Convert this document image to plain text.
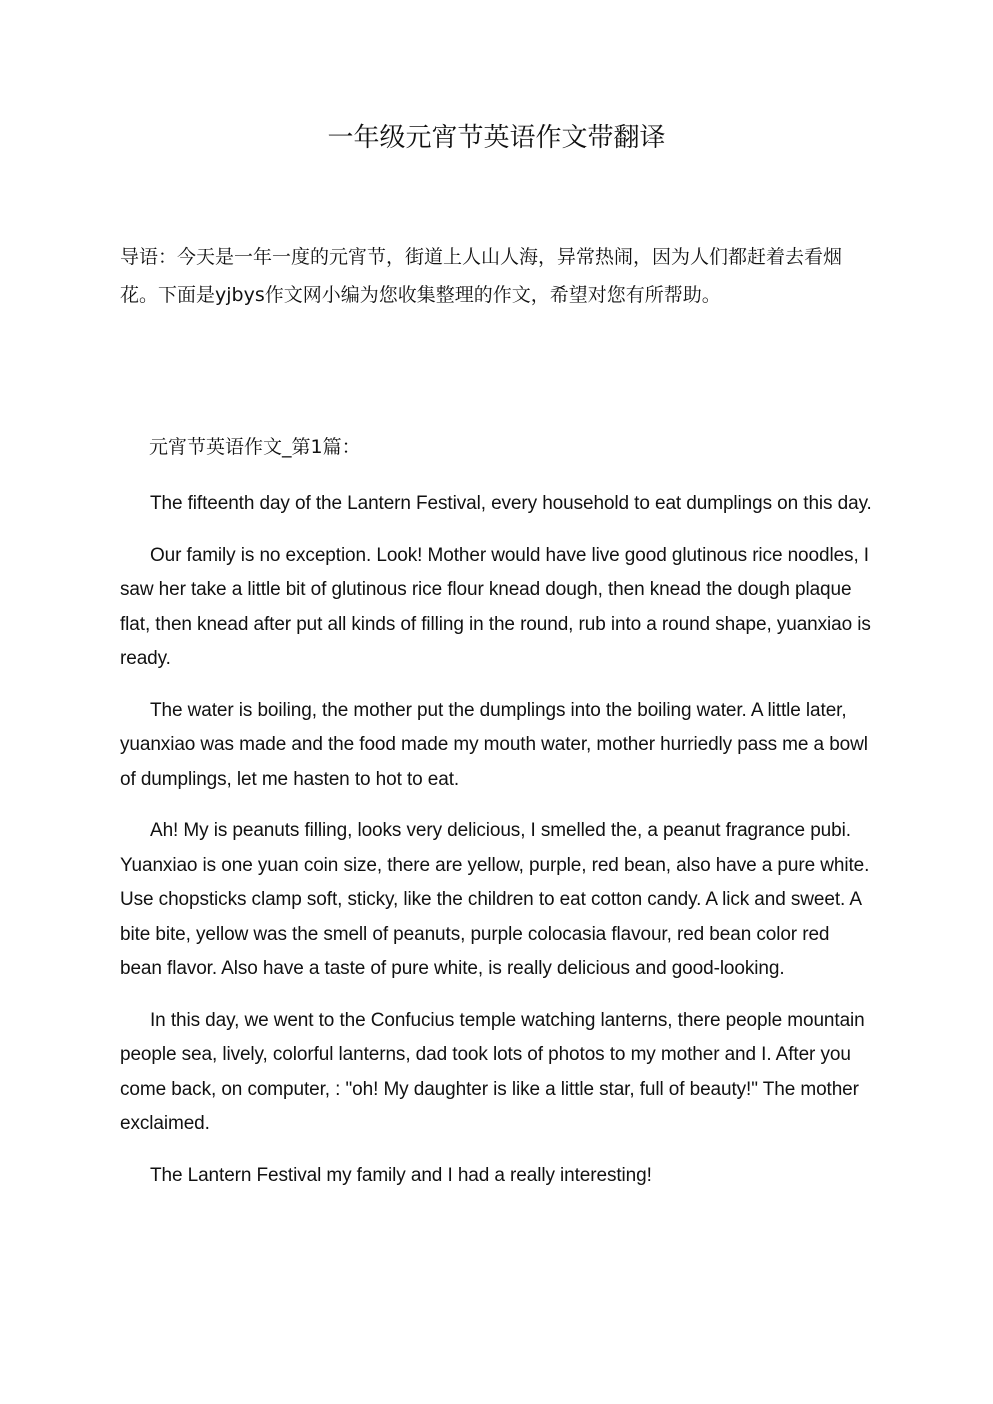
一年级元宵节英语作文带翻译

导语：今天是一年一度的元宵节，街道上人山人海，异常热闹，因为人们都赶着去看烟花。下面是yjbys作文网小编为您收集整理的作文，希望对您有所帮助。

元宵节英语作文_第1篇：

The fifteenth day of the Lantern Festival, every household to eat dumplings on this day.

Our family is no exception. Look! Mother would have live good glutinous rice noodles, I saw her take a little bit of glutinous rice flour knead dough, then knead the dough plaque flat, then knead after put all kinds of filling in the round, rub into a round shape, yuanxiao is ready.

The water is boiling, the mother put the dumplings into the boiling water. A little later, yuanxiao was made and the food made my mouth water, mother hurriedly pass me a bowl of dumplings, let me hasten to hot to eat.

Ah! My is peanuts filling, looks very delicious, I smelled the, a peanut fragrance pubi. Yuanxiao is one yuan coin size, there are yellow, purple, red bean, also have a pure white. Use chopsticks clamp soft, sticky, like the children to eat cotton candy. A lick and sweet. A bite bite, yellow was the smell of peanuts, purple colocasia flavour, red bean color red bean flavor. Also have a taste of pure white, is really delicious and good-looking.

In this day, we went to the Confucius temple watching lanterns, there people mountain people sea, lively, colorful lanterns, dad took lots of photos to my mother and I. After you come back, on computer, : "oh! My daughter is like a little star, full of beauty!" The mother exclaimed.

The Lantern Festival my family and I had a really interesting!
